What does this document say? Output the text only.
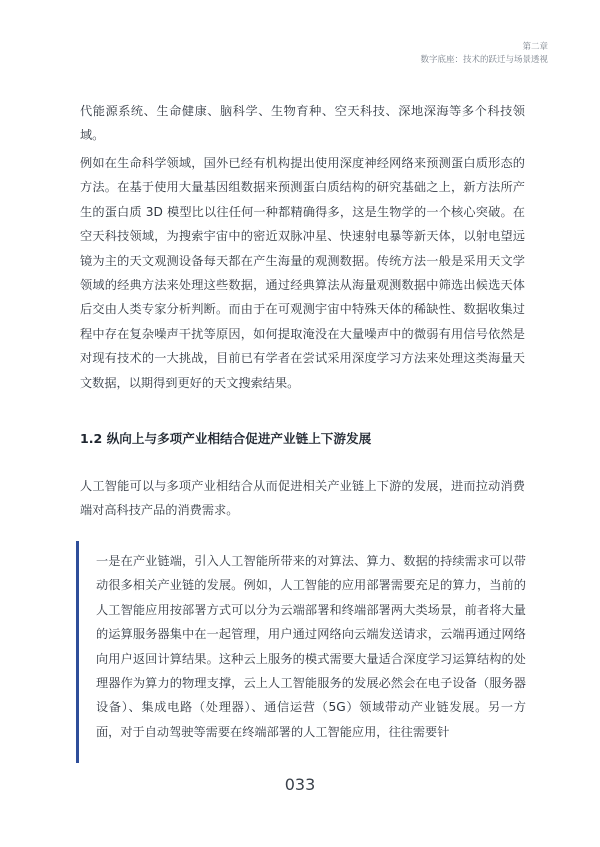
第二章
数字底座：技术的跃迁与场景透视

代能源系统、生命健康、脑科学、生物育种、空天科技、深地深海等多个科技领域。

例如在生命科学领域，国外已经有机构提出使用深度神经网络来预测蛋白质形态的方法。在基于使用大量基因组数据来预测蛋白质结构的研究基础之上，新方法所产生的蛋白质 3D 模型比以往任何一种都精确得多，这是生物学的一个核心突破。在空天科技领域，为搜索宇宙中的密近双脉冲星、快速射电暴等新天体，以射电望远镜为主的天文观测设备每天都在产生海量的观测数据。传统方法一般是采用天文学领域的经典方法来处理这些数据，通过经典算法从海量观测数据中筛选出候选天体后交由人类专家分析判断。而由于在可观测宇宙中特殊天体的稀缺性、数据收集过程中存在复杂噪声干扰等原因，如何提取淹没在大量噪声中的微弱有用信号依然是对现有技术的一大挑战，目前已有学者在尝试采用深度学习方法来处理这类海量天文数据，以期得到更好的天文搜索结果。

1.2 纵向上与多项产业相结合促进产业链上下游发展

人工智能可以与多项产业相结合从而促进相关产业链上下游的发展，进而拉动消费端对高科技产品的消费需求。

一是在产业链端，引入人工智能所带来的对算法、算力、数据的持续需求可以带动很多相关产业链的发展。例如，人工智能的应用部署需要充足的算力，当前的人工智能应用按部署方式可以分为云端部署和终端部署两大类场景，前者将大量的运算服务器集中在一起管理，用户通过网络向云端发送请求，云端再通过网络向用户返回计算结果。这种云上服务的模式需要大量适合深度学习运算结构的处理器作为算力的物理支撑，云上人工智能服务的发展必然会在电子设备（服务器设备）、集成电路（处理器）、通信运营（5G）领域带动产业链发展。另一方面，对于自动驾驶等需要在终端部署的人工智能应用，往往需要针

033
